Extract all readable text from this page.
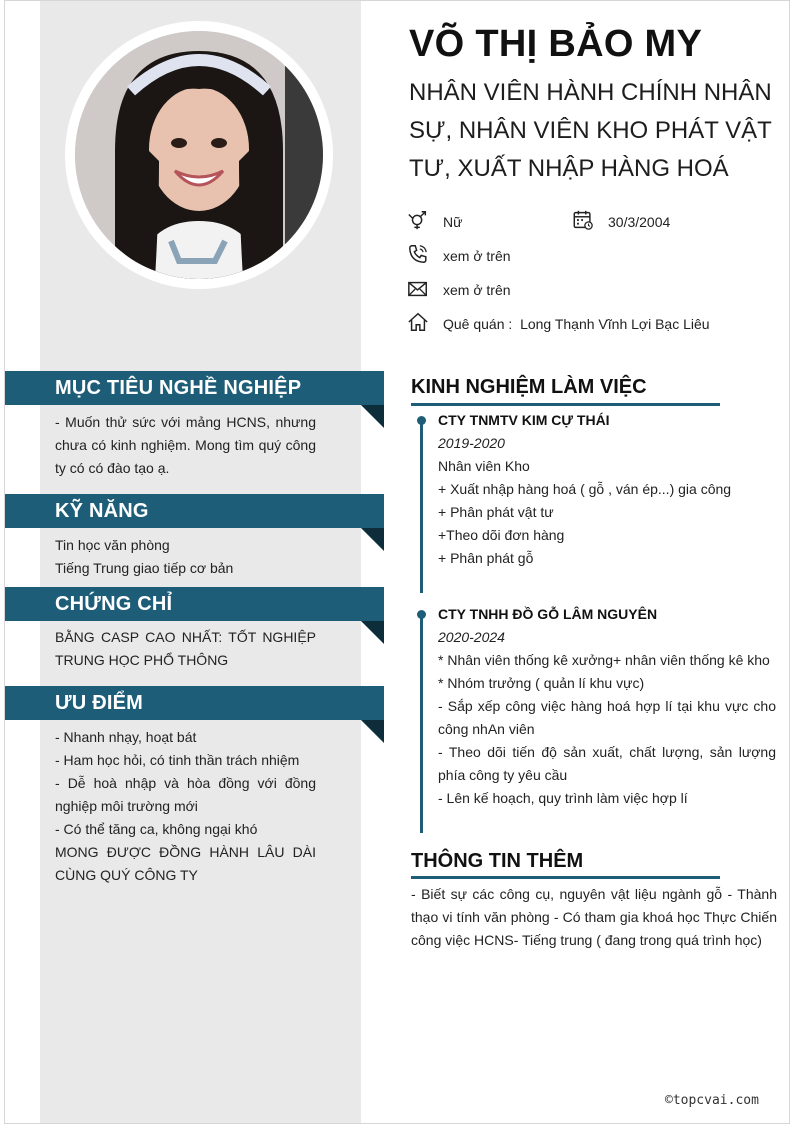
VÕ THỊ BẢO MY
NHÂN VIÊN HÀNH CHÍNH NHÂN SỰ, NHÂN VIÊN KHO PHÁT VẬT TƯ, XUẤT NHẬP HÀNG HOÁ
Nữ	30/3/2004
xem ở trên
xem ở trên
Quê quán : Long Thạnh Vĩnh Lợi Bạc Liêu
MỤC TIÊU NGHỀ NGHIỆP
- Muốn thử sức với mảng HCNS, nhưng chưa có kinh nghiệm. Mong tìm quý công ty có có đào tạo ạ.
KỸ NĂNG

Tin học văn phòng

Tiếng Trung giao tiếp cơ bản

CHỨNG CHỈ
BẰNG CASP CAO NHẤT: TỐT NGHIỆP TRUNG HỌC PHỔ THÔNG
ƯU ĐIỂM

- Nhanh nhạy, hoạt bát

- Ham học hỏi, có tinh thần trách nhiệm

- Dễ hoà nhập và hòa đồng với đồng nghiệp môi trường mới

- Có thể tăng ca, không ngại khó

MONG ĐƯỢC ĐỒNG HÀNH LÂU DÀI CÙNG QUÝ CÔNG TY

KINH NGHIỆM LÀM VIỆC
CTY TNMTV KIM CỰ THÁI
2019-2020
Nhân viên Kho
+ Xuất nhập hàng hoá ( gỗ , ván ép...) gia công
+ Phân phát vật tư
+Theo dõi đơn hàng
+ Phân phát gỗ
CTY TNHH ĐỒ GỖ LÂM NGUYÊN
2020-2024
* Nhân viên thống kê xưởng+ nhân viên thống kê kho
* Nhóm trưởng ( quản lí khu vực)
- Sắp xếp công việc hàng hoá hợp lí tại khu vực cho công nhAn viên
- Theo dõi tiến độ sản xuất, chất lượng, sản lượng phía công ty yêu cầu
- Lên kế hoạch, quy trình làm việc hợp lí
THÔNG TIN THÊM
- Biết sự các công cụ, nguyên vật liệu ngành gỗ - Thành thạo vi tính văn phòng - Có tham gia khoá học Thực Chiến công việc HCNS- Tiếng trung ( đang trong quá trình học)
©topcvai.com
